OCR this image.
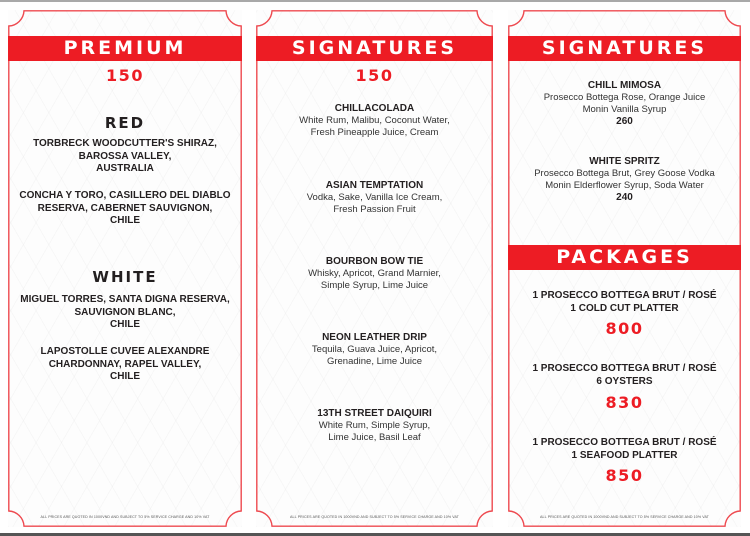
PREMIUM
150
RED
TORBRECK WOODCUTTER'S SHIRAZ,
BAROSSA VALLEY,
AUSTRALIA
CONCHA Y TORO, CASILLERO DEL DIABLO
RESERVA, CABERNET SAUVIGNON,
CHILE
WHITE
MIGUEL TORRES, SANTA DIGNA RESERVA,
SAUVIGNON BLANC,
CHILE
LAPOSTOLLE CUVEE ALEXANDRE
CHARDONNAY, RAPEL VALLEY,
CHILE
ALL PRICES ARE QUOTED IN 1000VND AND SUBJECT TO 5% SERVICE CHARGE AND 10% VAT
SIGNATURES
150
CHILLACOLADA
White Rum, Malibu, Coconut Water,
Fresh Pineapple Juice, Cream
ASIAN TEMPTATION
Vodka, Sake, Vanilla Ice Cream,
Fresh Passion Fruit
BOURBON BOW TIE
Whisky, Apricot, Grand Marnier,
Simple Syrup, Lime Juice
NEON LEATHER DRIP
Tequila, Guava Juice, Apricot,
Grenadine, Lime Juice
13TH STREET DAIQUIRI
White Rum, Simple Syrup,
Lime Juice, Basil Leaf
ALL PRICES ARE QUOTED IN 1000VND AND SUBJECT TO 5% SERVICE CHARGE AND 10% VAT
SIGNATURES
CHILL MIMOSA
Prosecco Bottega Rose, Orange Juice
Monin Vanilla Syrup
260
WHITE SPRITZ
Prosecco Bottega Brut, Grey Goose Vodka
Monin Elderflower Syrup, Soda Water
240
PACKAGES
1 PROSECCO BOTTEGA BRUT / ROSÉ
1 COLD CUT PLATTER
800
1 PROSECCO BOTTEGA BRUT / ROSÉ
6 OYSTERS
830
1 PROSECCO BOTTEGA BRUT / ROSÉ
1 SEAFOOD PLATTER
850
ALL PRICES ARE QUOTED IN 1000VND AND SUBJECT TO 5% SERVICE CHARGE AND 10% VAT
